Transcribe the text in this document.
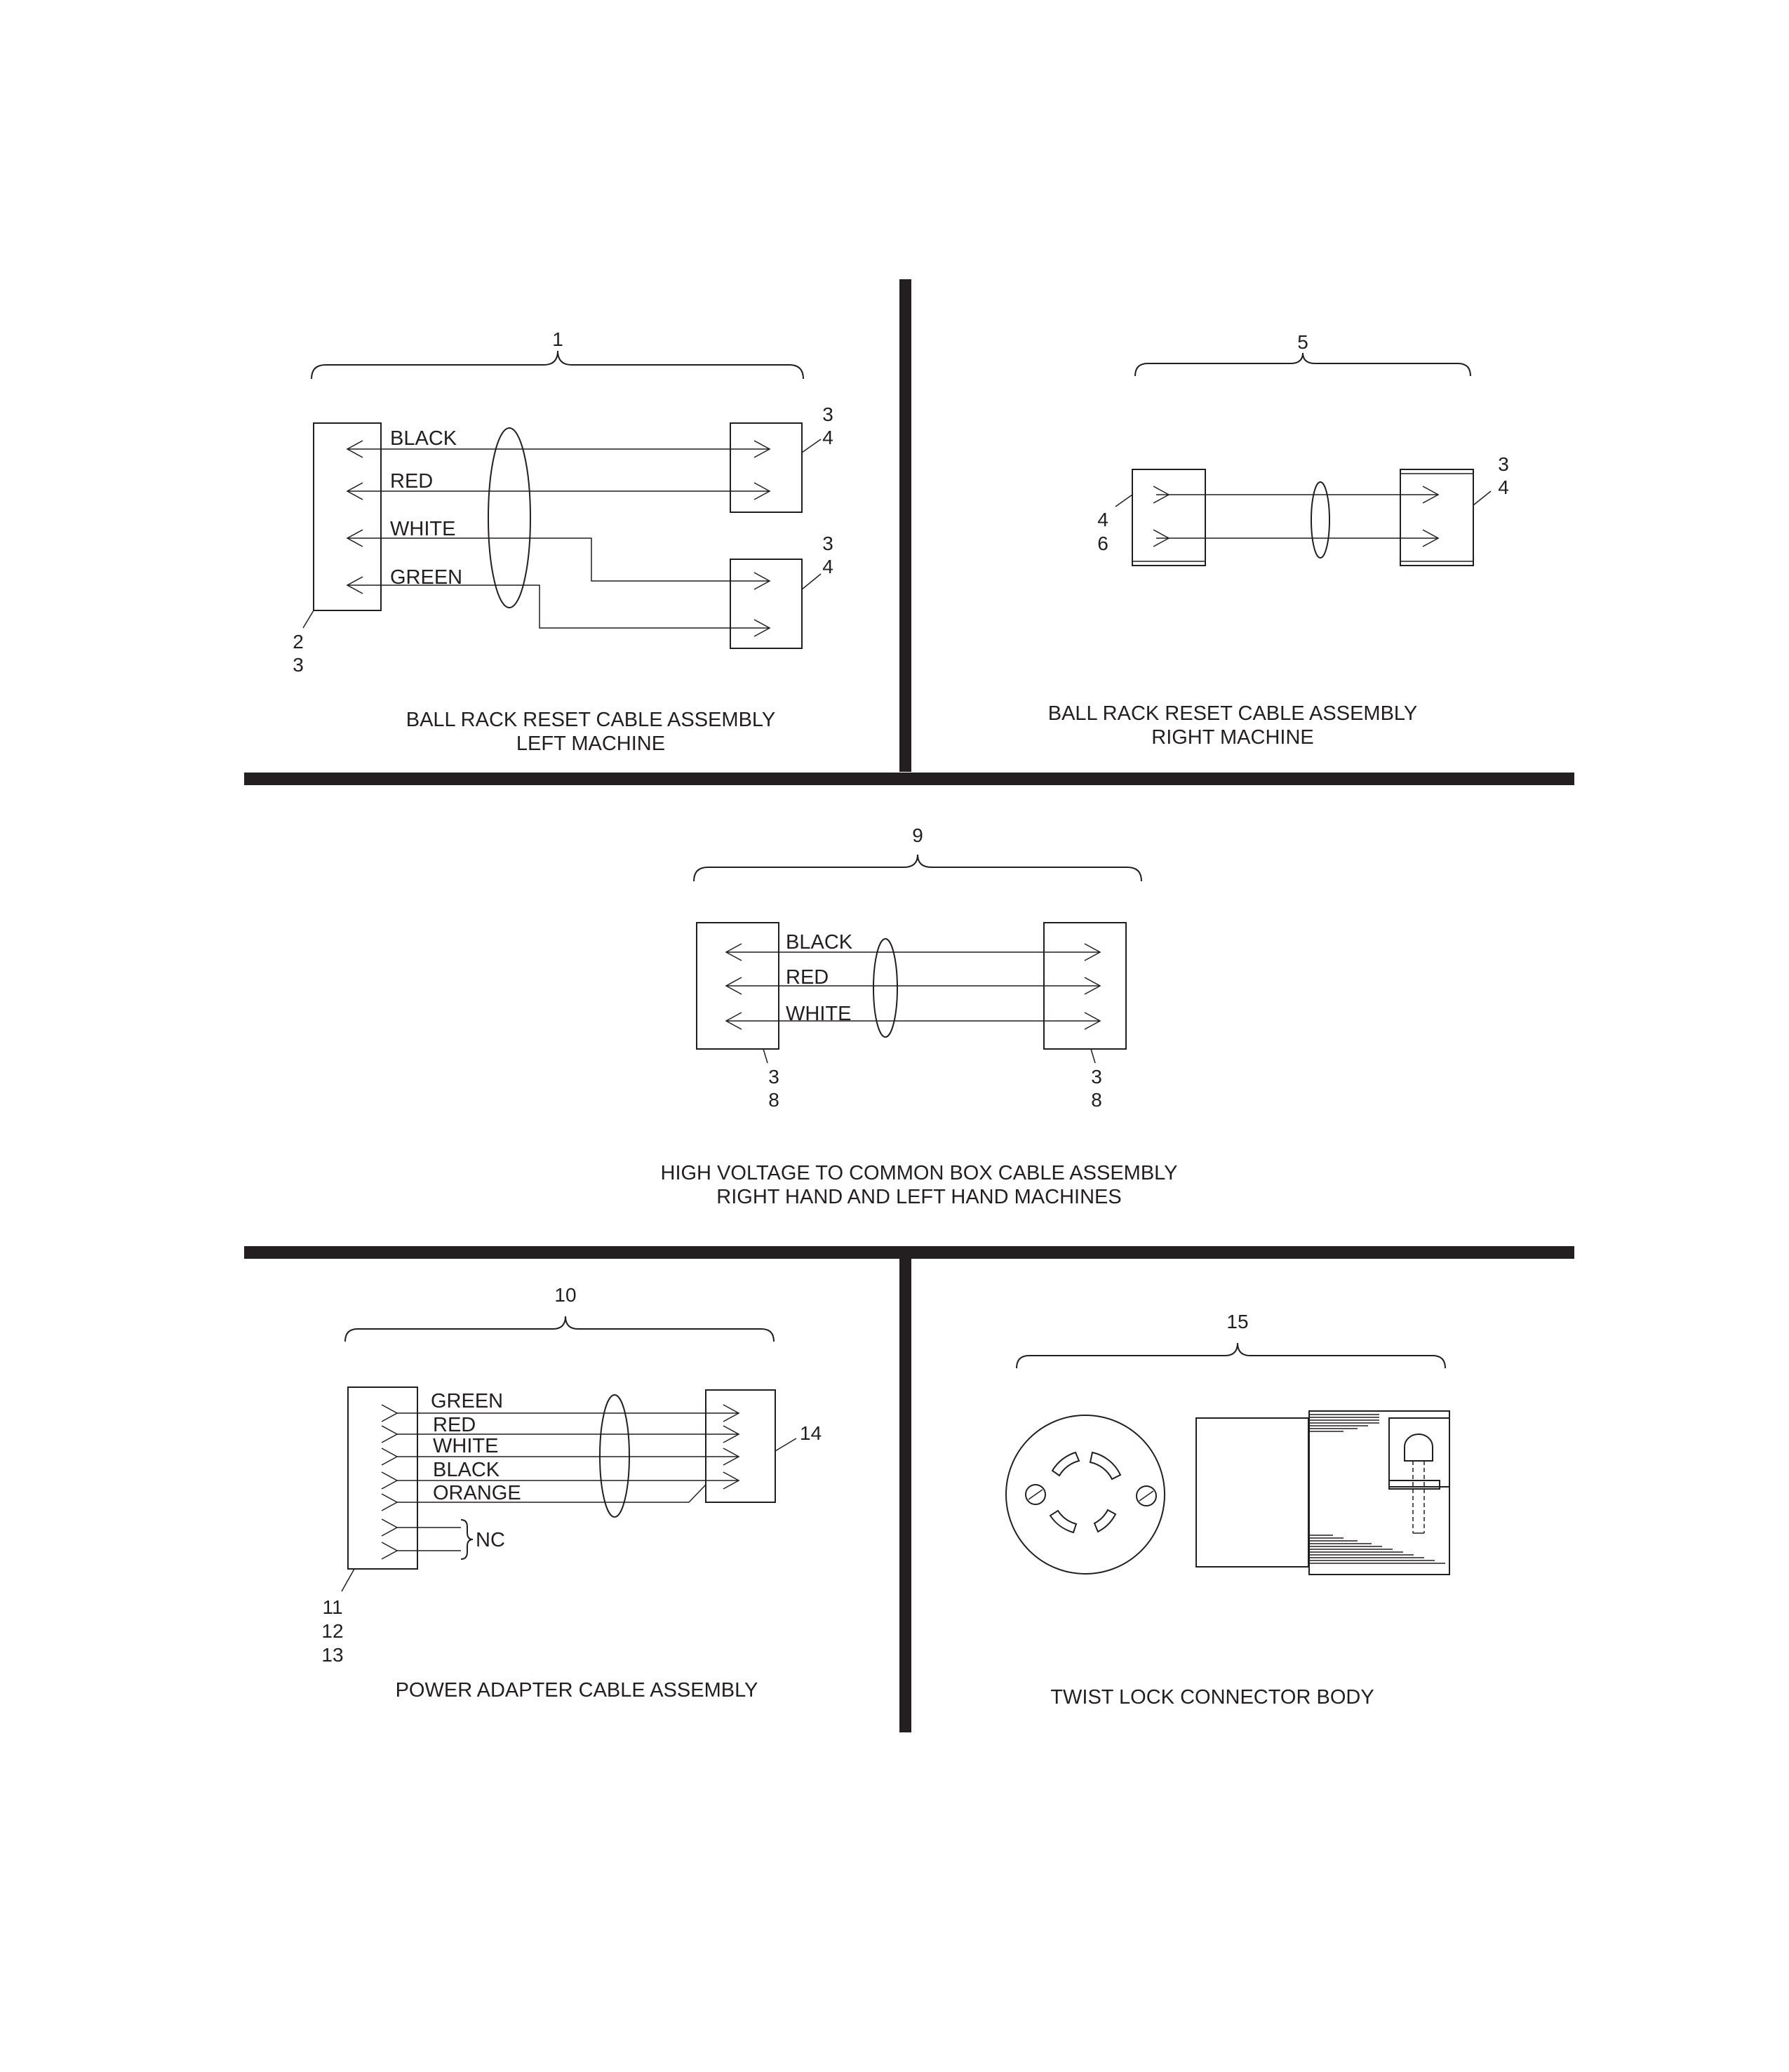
1
BLACK
RED
WHITE
GREEN
3
4
3
4
2
3
BALL RACK RESET CABLE ASSEMBLY
LEFT MACHINE
5
4
6
3
4
BALL RACK RESET CABLE ASSEMBLY
RIGHT MACHINE
9
BLACK
RED
WHITE
3
8
3
8
HIGH VOLTAGE TO COMMON BOX CABLE ASSEMBLY
RIGHT HAND AND LEFT HAND MACHINES
10
GREEN
RED
WHITE
BLACK
ORANGE
NC
14
11
12
13
POWER ADAPTER CABLE ASSEMBLY
15
TWIST LOCK CONNECTOR BODY
